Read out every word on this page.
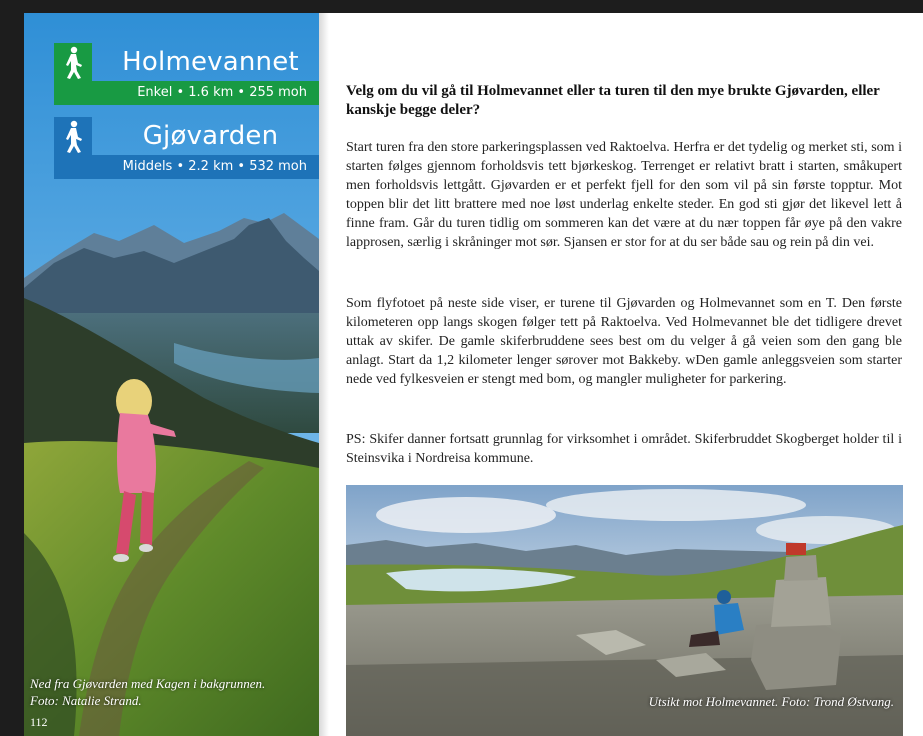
Holmevannet
Enkel • 1.6 km • 255 moh
Gjøvarden
Middels • 2.2 km • 532 moh
Ned fra Gjøvarden med Kagen i bakgrunnen. Foto: Natalie Strand.
112
Velg om du vil gå til Holmevannet eller ta turen til den mye brukte Gjøvarden, eller kanskje begge deler?

Start turen fra den store parkeringsplassen ved Raktoelva. Herfra er det tydelig og merket sti, som i starten følges gjennom forholdsvis tett bjørkeskog. Terrenget er relativt bratt i starten, småkupert men forholdsvis lettgått. Gjøvarden er et perfekt fjell for den som vil på sin første topptur. Mot toppen blir det litt brattere med noe løst underlag enkelte steder. En god sti gjør det likevel lett å finne fram. Går du turen tidlig om sommeren kan det være at du nær toppen får øye på den vakre lapprosen, særlig i skråninger mot sør. Sjansen er stor for at du ser både sau og rein på din vei.

Som flyfotoet på neste side viser, er turene til Gjøvarden og Holmevannet som en T. Den første kilometeren opp langs skogen følger tett på Raktoelva. Ved Holmevannet ble det tidligere drevet uttak av skifer. De gamle skiferbruddene sees best om du velger å gå veien som den gang ble anlagt. Start da 1,2 kilometer lenger sørover mot Bakkeby. wDen gamle anleggsveien som starter nede ved fylkesveien er stengt med bom, og mangler muligheter for parkering.

PS: Skifer danner fortsatt grunnlag for virksomhet i området. Skiferbruddet Skogberget holder til i Steinsvika i Nordreisa kommune.

Utsikt mot Holmevannet. Foto: Trond Østvang.
